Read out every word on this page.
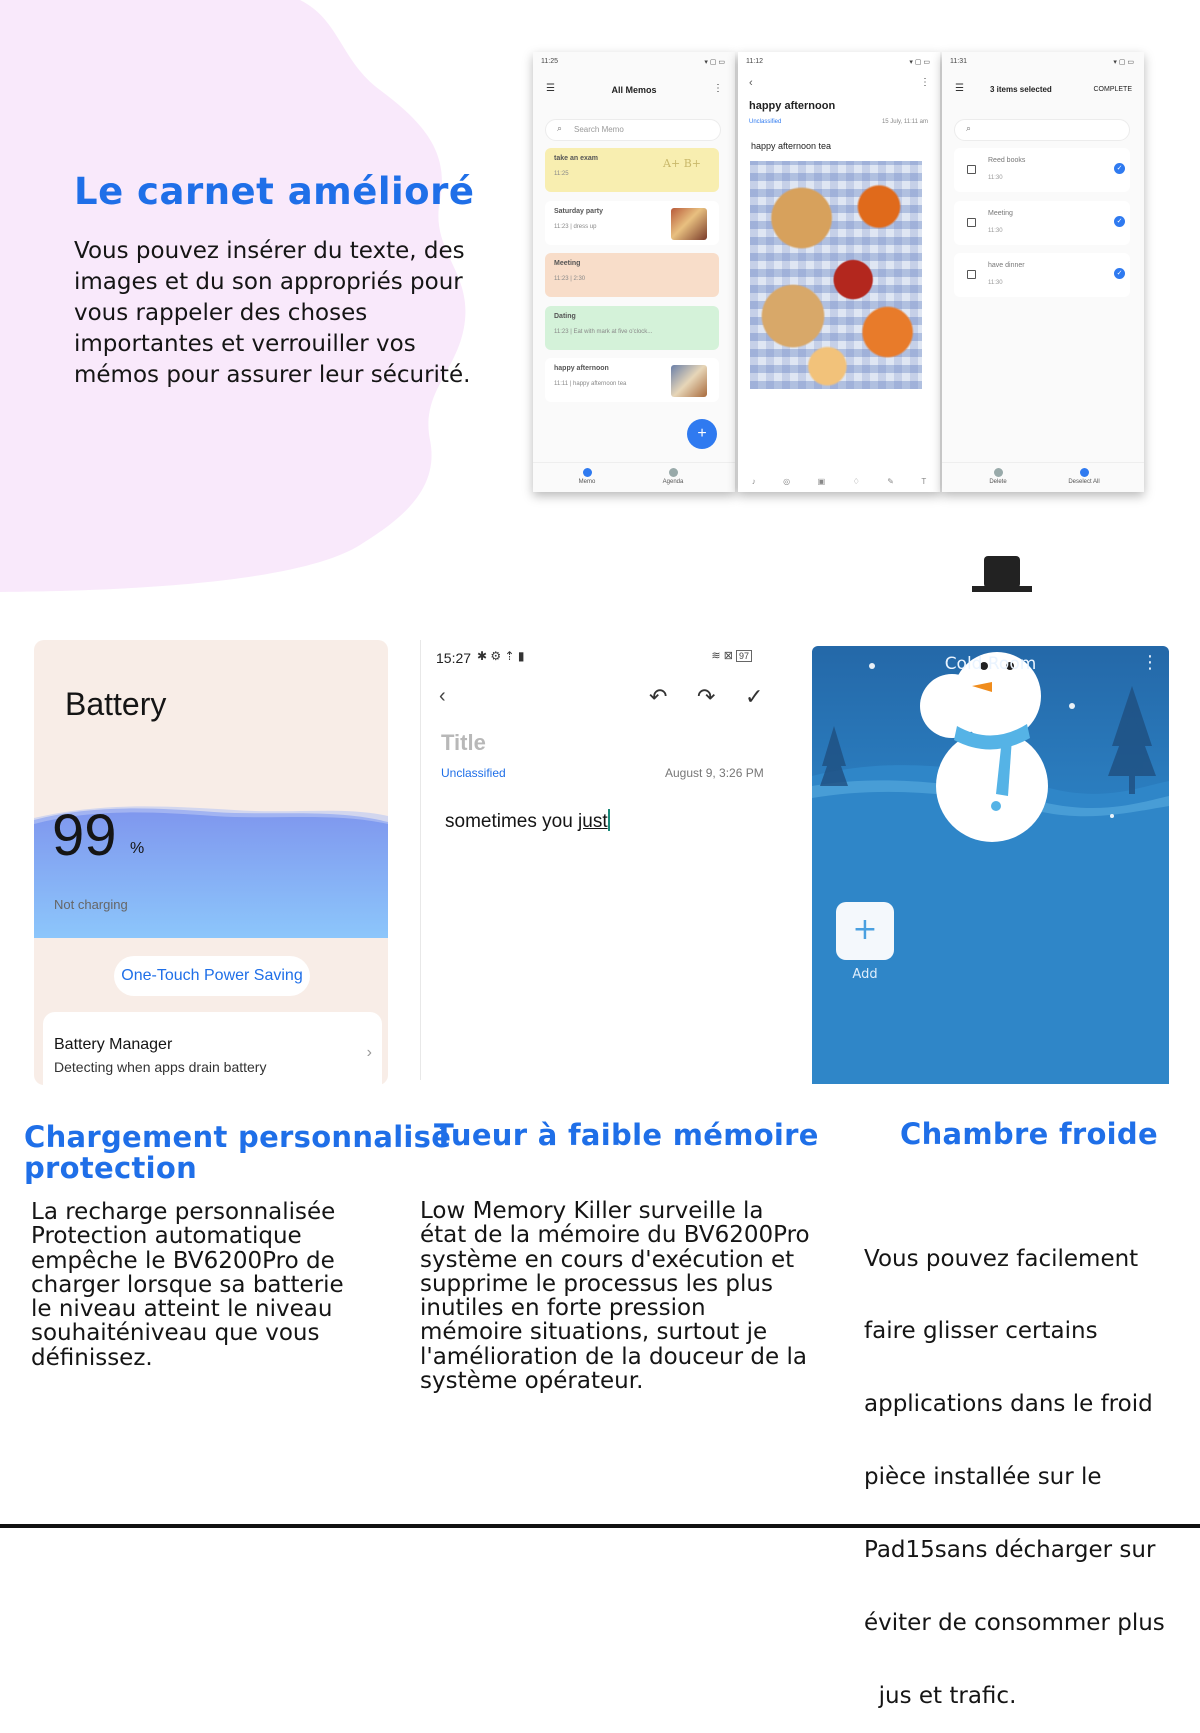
Le carnet amélioré

Vous pouvez insérer du texte, des images et du son appropriés pour vous rappeler des choses importantes et verrouiller vos mémos pour assurer leur sécurité.

11:25	▾ ▢ ▭
☰	All Memos	⋮
⌕ Search Memo
take an exam
11:25
A+ B+
Saturday party
11:23 | dress up
Meeting
11:23 | 2:30
Dating
11:23 | Eat with mark at five o'clock...
happy afternoon
11:11 | happy afternoon tea
+
Memo	Agenda
11:12	▾ ▢ ▭
‹	⋮
happy afternoon
Unclassified	15 July, 11:11 am
happy afternoon tea
♪	◎	▣	♢	✎	T
11:31	▾ ▢ ▭
☰	3 items selected	COMPLETE
⌕
Reed books
11:30
✓
Meeting
11:30
✓
have dinner
11:30
✓
Delete	Deselect All
Battery
99 %
Not charging
One-Touch Power Saving
Battery Manager
Detecting when apps drain battery
›
15:27 ✱ ⚙ ⇡ ▮	≋ ⊠ 97
‹	↶ ↷ ✓
Title
Unclassified	August 9, 3:26 PM
sometimes you just
Cold Room	⋮
+
Add
Chargement personnalisé
protection
La recharge personnalisée
Protection automatique
empêche le BV6200Pro de
charger lorsque sa batterie
le niveau atteint le niveau
souhaiténiveau que vous
définissez.
Tueur à faible mémoire
Low Memory Killer surveille la
état de la mémoire du BV6200Pro
système en cours d'exécution et
supprime le processus les plus
inutiles en forte pression
mémoire situations, surtout je
l'amélioration de la douceur de la
système opérateur.
Chambre froide

Vous pouvez facilement

faire glisser certains

applications dans le froid

pièce installée sur le

Pad15sans décharger sur

éviter de consommer plus

jus et trafic.
